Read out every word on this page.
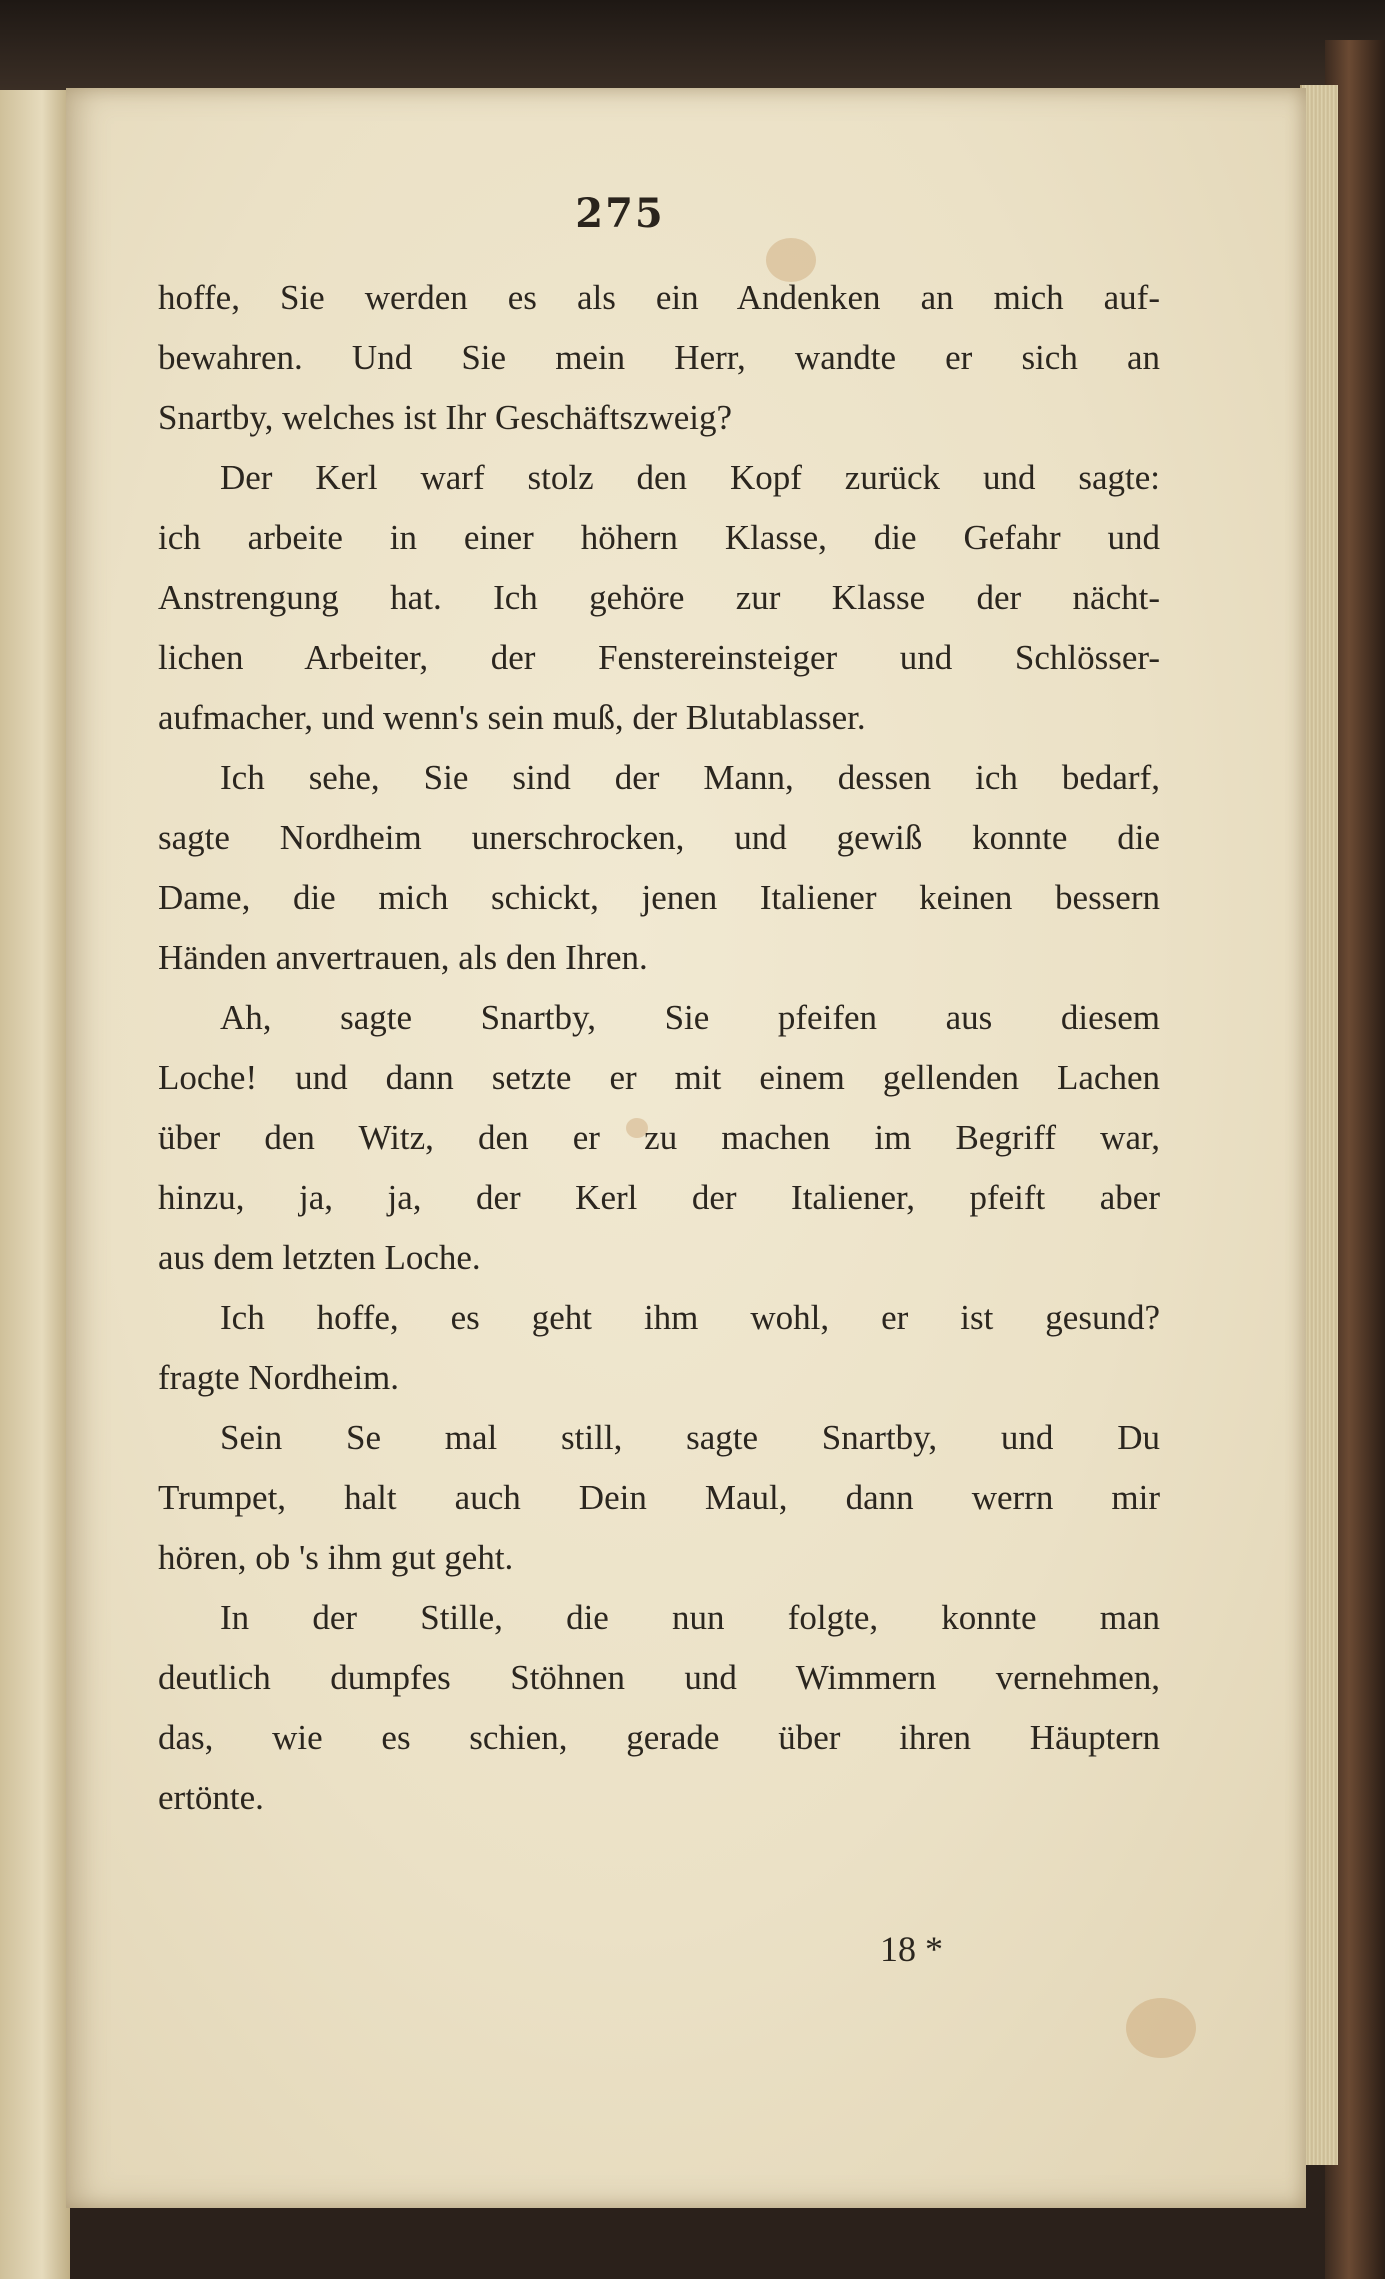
275
hoffe, Sie werden es als ein Andenken an mich auf-
bewahren. Und Sie mein Herr, wandte er sich an
Snartby, welches ist Ihr Geschäftszweig?
Der Kerl warf stolz den Kopf zurück und sagte:
ich arbeite in einer höhern Klasse, die Gefahr und
Anstrengung hat. Ich gehöre zur Klasse der nächt-
lichen Arbeiter, der Fenstereinsteiger und Schlösser-
aufmacher, und wenn's sein muß, der Blutablasser.
Ich sehe, Sie sind der Mann, dessen ich bedarf,
sagte Nordheim unerschrocken, und gewiß konnte die
Dame, die mich schickt, jenen Italiener keinen bessern
Händen anvertrauen, als den Ihren.
Ah, sagte Snartby, Sie pfeifen aus diesem
Loche! und dann setzte er mit einem gellenden Lachen
über den Witz, den er zu machen im Begriff war,
hinzu, ja, ja, der Kerl der Italiener, pfeift aber
aus dem letzten Loche.
Ich hoffe, es geht ihm wohl, er ist gesund?
fragte Nordheim.
Sein Se mal still, sagte Snartby, und Du
Trumpet, halt auch Dein Maul, dann werrn mir
hören, ob 's ihm gut geht.
In der Stille, die nun folgte, konnte man
deutlich dumpfes Stöhnen und Wimmern vernehmen,
das, wie es schien, gerade über ihren Häuptern
ertönte.
18 *
